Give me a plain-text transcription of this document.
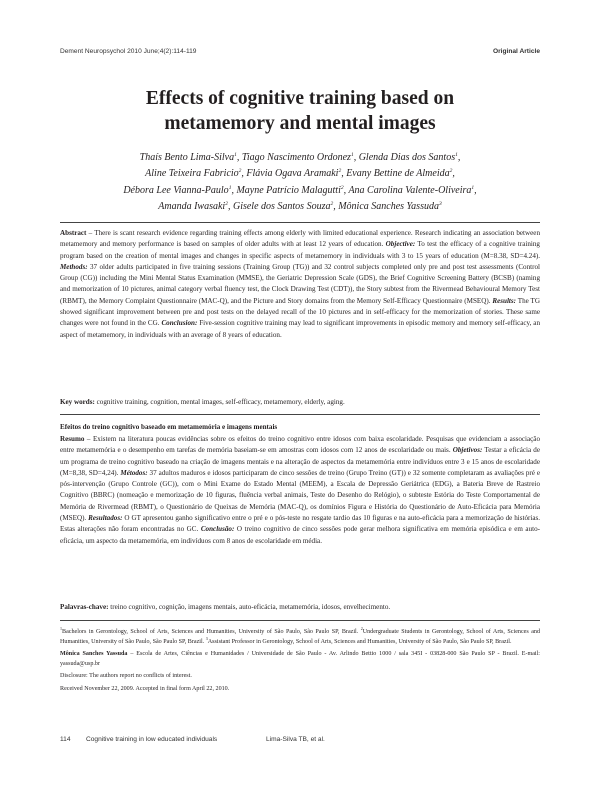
Dement Neuropsychol 2010 June;4(2):114-119	Original Article
Effects of cognitive training based on
metamemory and mental images

Thaís Bento Lima-Silva$^1$, Tiago Nascimento Ordonez$^1$, Glenda Dias dos Santos$^1$,
Aline Teixeira Fabricio$^2$, Flávia Ogava Aramaki$^2$, Evany Bettine de Almeida$^2$,
Débora Lee Vianna-Paulo$^1$, Mayne Patrício Malagutti$^2$, Ana Carolina Valente-Oliveira$^1$,
Amanda Iwasaki$^2$, Gisele dos Santos Souza$^2$, Mônica Sanches Yassuda$^3$

Abstract – There is scant research evidence regarding training effects among elderly with limited educational experience. Research indicating an association between metamemory and memory performance is based on samples of older adults with at least 12 years of education. Objective: To test the efficacy of a cognitive training program based on the creation of mental images and changes in specific aspects of metamemory in individuals with 3 to 15 years of education (M=8.38, SD=4.24). Methods: 37 older adults participated in five training sessions (Training Group (TG)) and 32 control subjects completed only pre and post test assessments (Control Group (CG)) including the Mini Mental Status Examination (MMSE), the Geriatric Depression Scale (GDS), the Brief Cognitive Screening Battery (BCSB) (naming and memorization of 10 pictures, animal category verbal fluency test, the Clock Drawing Test (CDT)), the Story subtest from the Rivermead Behavioural Memory Test (RBMT), the Memory Complaint Questionnaire (MAC-Q), and the Picture and Story domains from the Memory Self-Efficacy Questionnaire (MSEQ). Results: The TG showed significant improvement between pre and post tests on the delayed recall of the 10 pictures and in self-efficacy for the memorization of stories. These same changes were not found in the CG. Conclusion: Five-session cognitive training may lead to significant improvements in episodic memory and memory self-efficacy, an aspect of metamemory, in individuals with an average of 8 years of education.

Key words: cognitive training, cognition, mental images, self-efficacy, metamemory, elderly, aging.

Efeitos do treino cognitivo baseado em metamemória e imagens mentais

Resumo – Existem na literatura poucas evidências sobre os efeitos do treino cognitivo entre idosos com baixa escolaridade. Pesquisas que evidenciam a associação entre metamemória e o desempenho em tarefas de memória baseiam-se em amostras com idosos com 12 anos de escolaridade ou mais. Objetivos: Testar a eficácia de um programa de treino cognitivo baseado na criação de imagens mentais e na alteração de aspectos da metamemória entre indivíduos entre 3 e 15 anos de escolaridade (M=8,38, SD=4,24). Métodos: 37 adultos maduros e idosos participaram de cinco sessões de treino (Grupo Treino (GT)) e 32 somente completaram as avaliações pré e pós-intervenção (Grupo Controle (GC)), com o Mini Exame do Estado Mental (MEEM), a Escala de Depressão Geriátrica (EDG), a Bateria Breve de Rastreio Cognitivo (BBRC) (nomeação e memorização de 10 figuras, fluência verbal animais, Teste do Desenho do Relógio), o subteste Estória do Teste Comportamental de Memória de Rivermead (RBMT), o Questionário de Queixas de Memória (MAC-Q), os domínios Figura e História do Questionário de Auto-Eficácia para Memória (MSEQ). Resultados: O GT apresentou ganho significativo entre o pré e o pós-teste no resgate tardio das 10 figuras e na auto-eficácia para a memorização de histórias. Estas alterações não foram encontradas no GC. Conclusão: O treino cognitivo de cinco sessões pode gerar melhora significativa em memória episódica e em auto-eficácia, um aspecto da metamemória, em indivíduos com 8 anos de escolaridade em média.

Palavras-chave: treino cognitivo, cognição, imagens mentais, auto-eficácia, metamemória, idosos, envelhecimento.

$^1$Bachelors in Gerontology, School of Arts, Sciences and Humanities, University of São Paulo, São Paulo SP, Brazil. $^2$Undergraduate Students in Gerontology, School of Arts, Sciences and Humanities, University of São Paulo, São Paulo SP, Brazil. $^3$Assistant Professor in Gerontology, School of Arts, Sciences and Humanities, University of São Paulo, São Paulo SP, Brazil.

Mônica Sanches Yassuda – Escola de Artes, Ciências e Humanidades / Universidade de São Paulo - Av. Arlindo Bettio 1000 / sala 345I - 03828-000 São Paulo SP - Brazil. E-mail: yassuda@usp.br

Disclosure: The authors report no conflicts of interest.

Received November 22, 2009. Accepted in final form April 22, 2010.

114 Cognitive training in low educated individuals	Lima-Silva TB, et al.
